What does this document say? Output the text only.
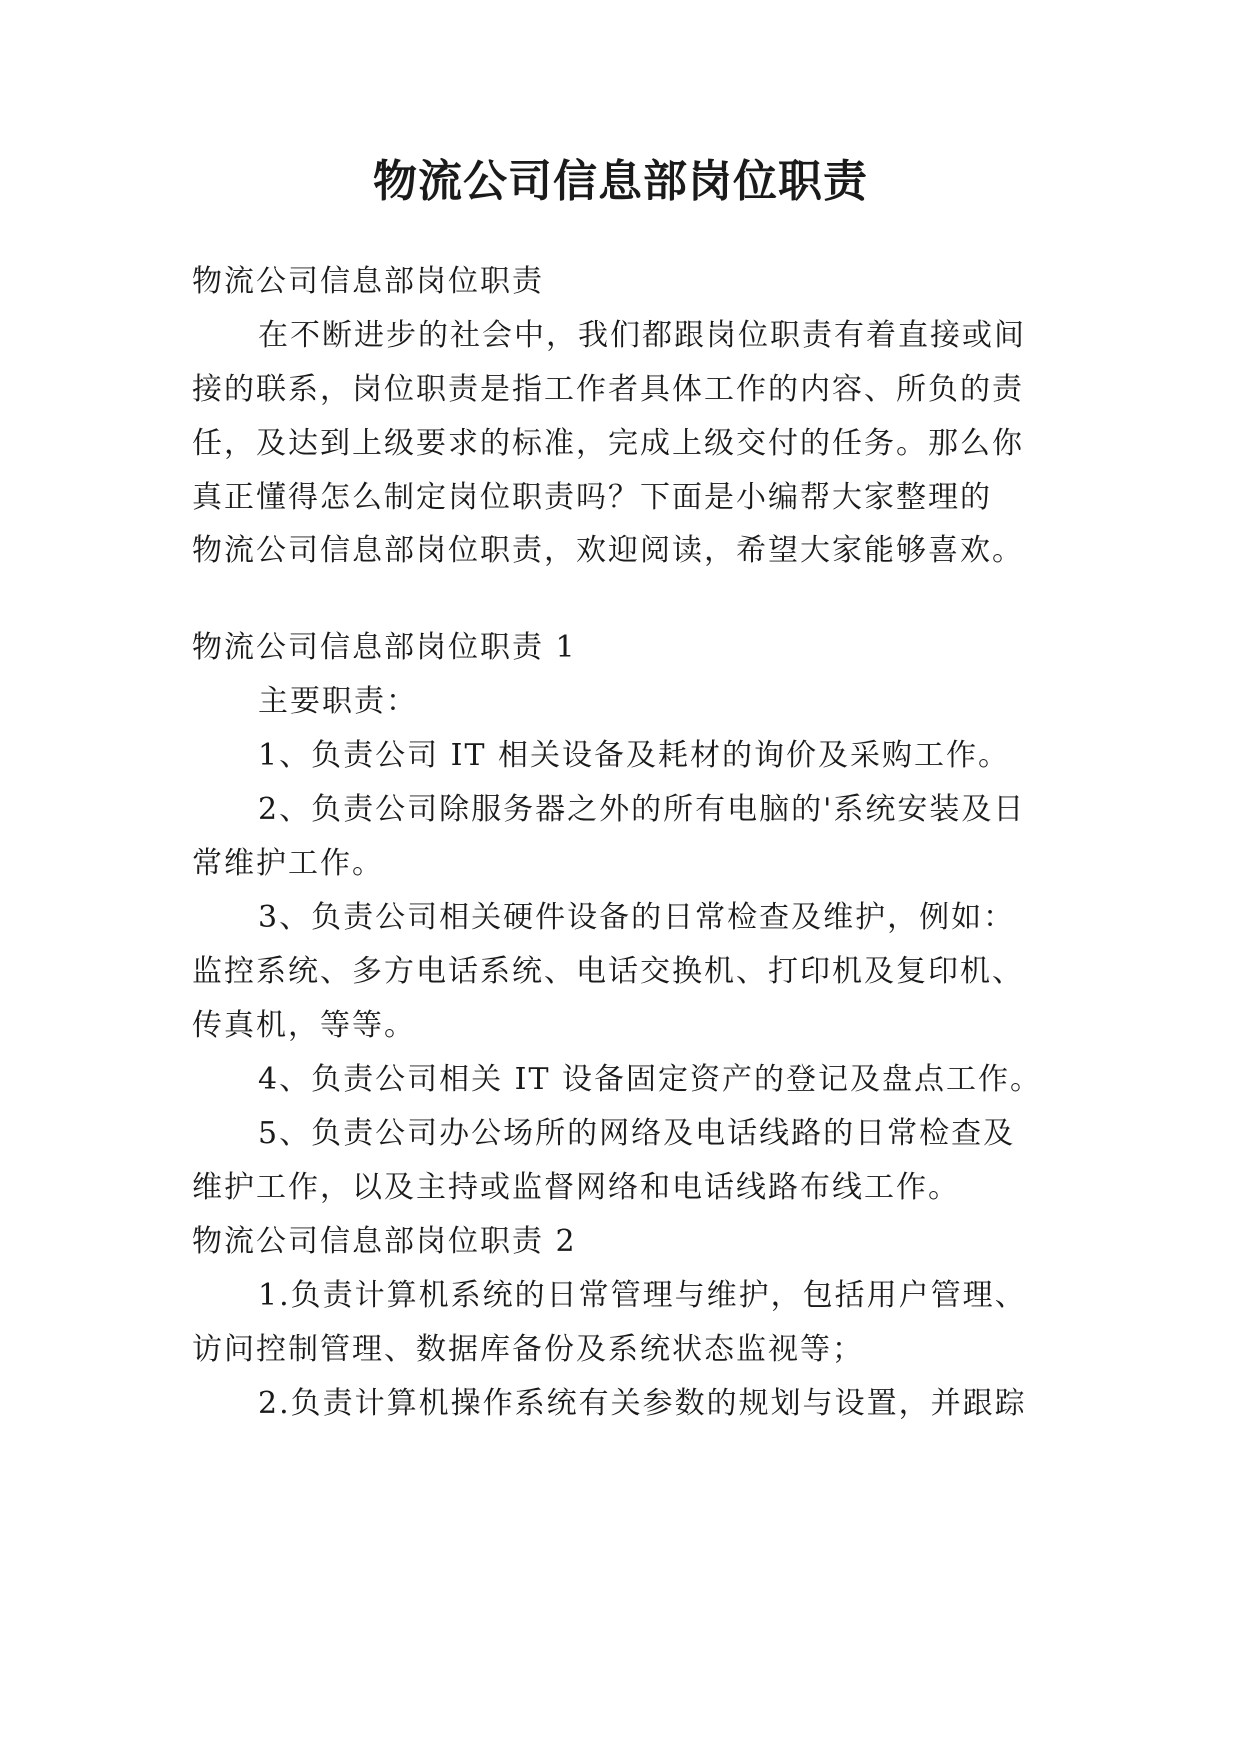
物流公司信息部岗位职责
物流公司信息部岗位职责
在不断进步的社会中，我们都跟岗位职责有着直接或间
接的联系，岗位职责是指工作者具体工作的内容、所负的责
任，及达到上级要求的标准，完成上级交付的任务。那么你
真正懂得怎么制定岗位职责吗？下面是小编帮大家整理的
物流公司信息部岗位职责，欢迎阅读，希望大家能够喜欢。
物流公司信息部岗位职责 1
主要职责：
1、负责公司 IT 相关设备及耗材的询价及采购工作。
2、负责公司除服务器之外的所有电脑的'系统安装及日
常维护工作。
3、负责公司相关硬件设备的日常检查及维护，例如：
监控系统、多方电话系统、电话交换机、打印机及复印机、
传真机，等等。
4、负责公司相关 IT 设备固定资产的登记及盘点工作。
5、负责公司办公场所的网络及电话线路的日常检查及
维护工作，以及主持或监督网络和电话线路布线工作。
物流公司信息部岗位职责 2
1.负责计算机系统的日常管理与维护，包括用户管理、
访问控制管理、数据库备份及系统状态监视等；
2.负责计算机操作系统有关参数的规划与设置，并跟踪
